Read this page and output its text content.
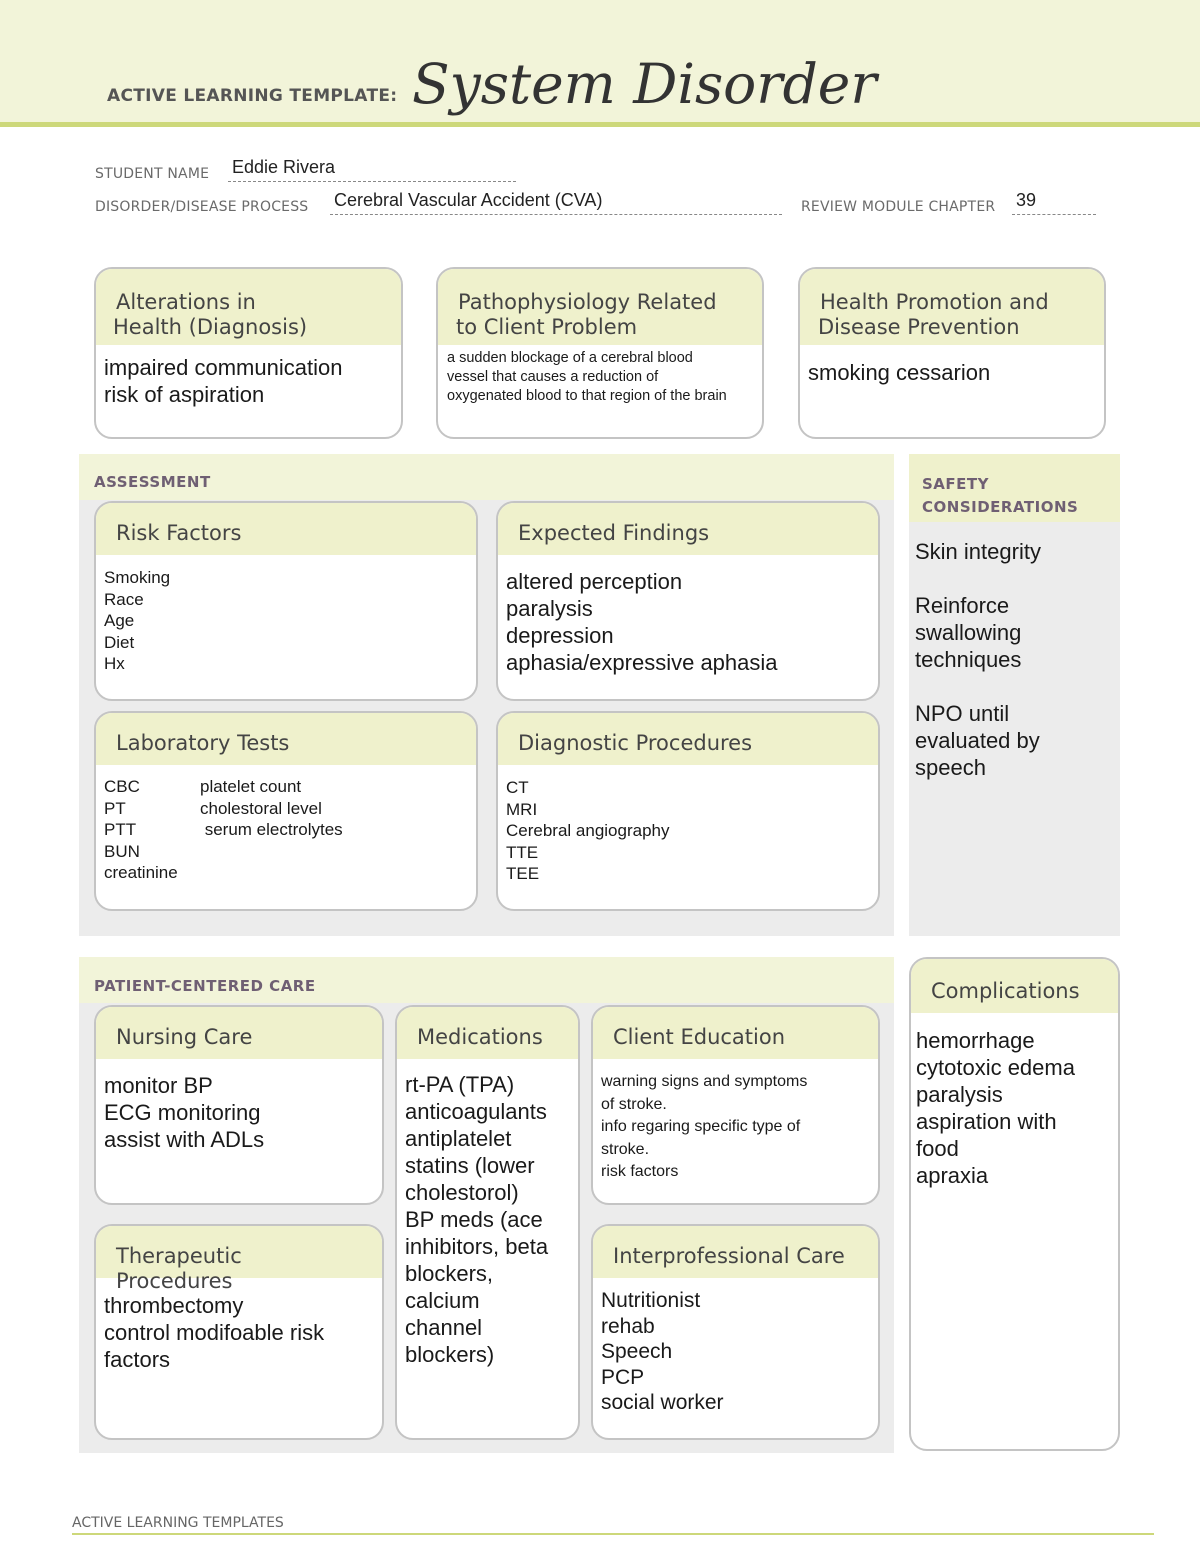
ACTIVE LEARNING TEMPLATE: System Disorder
STUDENT NAME Eddie Rivera
DISORDER/DISEASE PROCESS Cerebral Vascular Accident (CVA)	REVIEW MODULE CHAPTER 39
Alterations in
Health (Diagnosis)
impaired communication
risk of aspiration
Pathophysiology Related
to Client Problem
a sudden blockage of a cerebral blood
vessel that causes a reduction of
oxygenated blood to that region of the brain
Health Promotion and
Disease Prevention
smoking cessarion
ASSESSMENT
Risk Factors
Smoking
Race
Age
Diet
Hx
Expected Findings
altered perception
paralysis
depression
aphasia/expressive aphasia
Laboratory Tests
CBC
PT
PTT
BUN
creatinine
platelet count
cholestoral level
serum electrolytes
Diagnostic Procedures
CT
MRI
Cerebral angiography
TTE
TEE
SAFETY
CONSIDERATIONS
Skin integrity

Reinforce
swallowing
techniques

NPO until
evaluated by
speech
PATIENT-CENTERED CARE
Nursing Care
monitor BP
ECG monitoring
assist with ADLs
Medications
rt-PA (TPA)
anticoagulants
antiplatelet
statins (lower
cholestorol)
BP meds (ace
inhibitors, beta
blockers,
calcium
channel
blockers)
Client Education
warning signs and symptoms
of stroke.
info regaring specific type of
stroke.
risk factors
Therapeutic Procedures
thrombectomy
control modifoable risk
factors
Interprofessional Care
Nutritionist
rehab
Speech
PCP
social worker
Complications
hemorrhage
cytotoxic edema
paralysis
aspiration with
food
apraxia
ACTIVE LEARNING TEMPLATES
